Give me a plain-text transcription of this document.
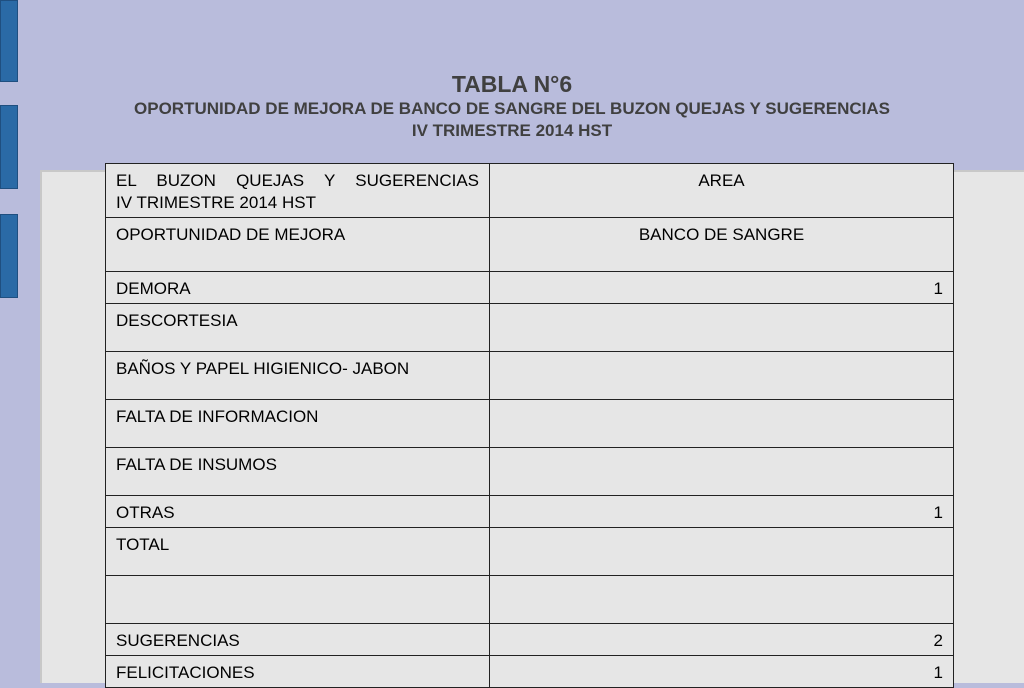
TABLA N°6
OPORTUNIDAD DE MEJORA DE BANCO DE SANGRE DEL BUZON QUEJAS Y SUGERENCIAS
IV TRIMESTRE 2014 HST
EL BUZON QUEJAS Y SUGERENCIAS
IV TRIMESTRE 2014 HST	AREA
OPORTUNIDAD DE MEJORA	BANCO DE SANGRE
DEMORA	1
DESCORTESIA	
BAÑOS Y PAPEL HIGIENICO- JABON	
FALTA DE INFORMACION	
FALTA DE INSUMOS	
OTRAS	1
TOTAL	

SUGERENCIAS	2
FELICITACIONES	1
